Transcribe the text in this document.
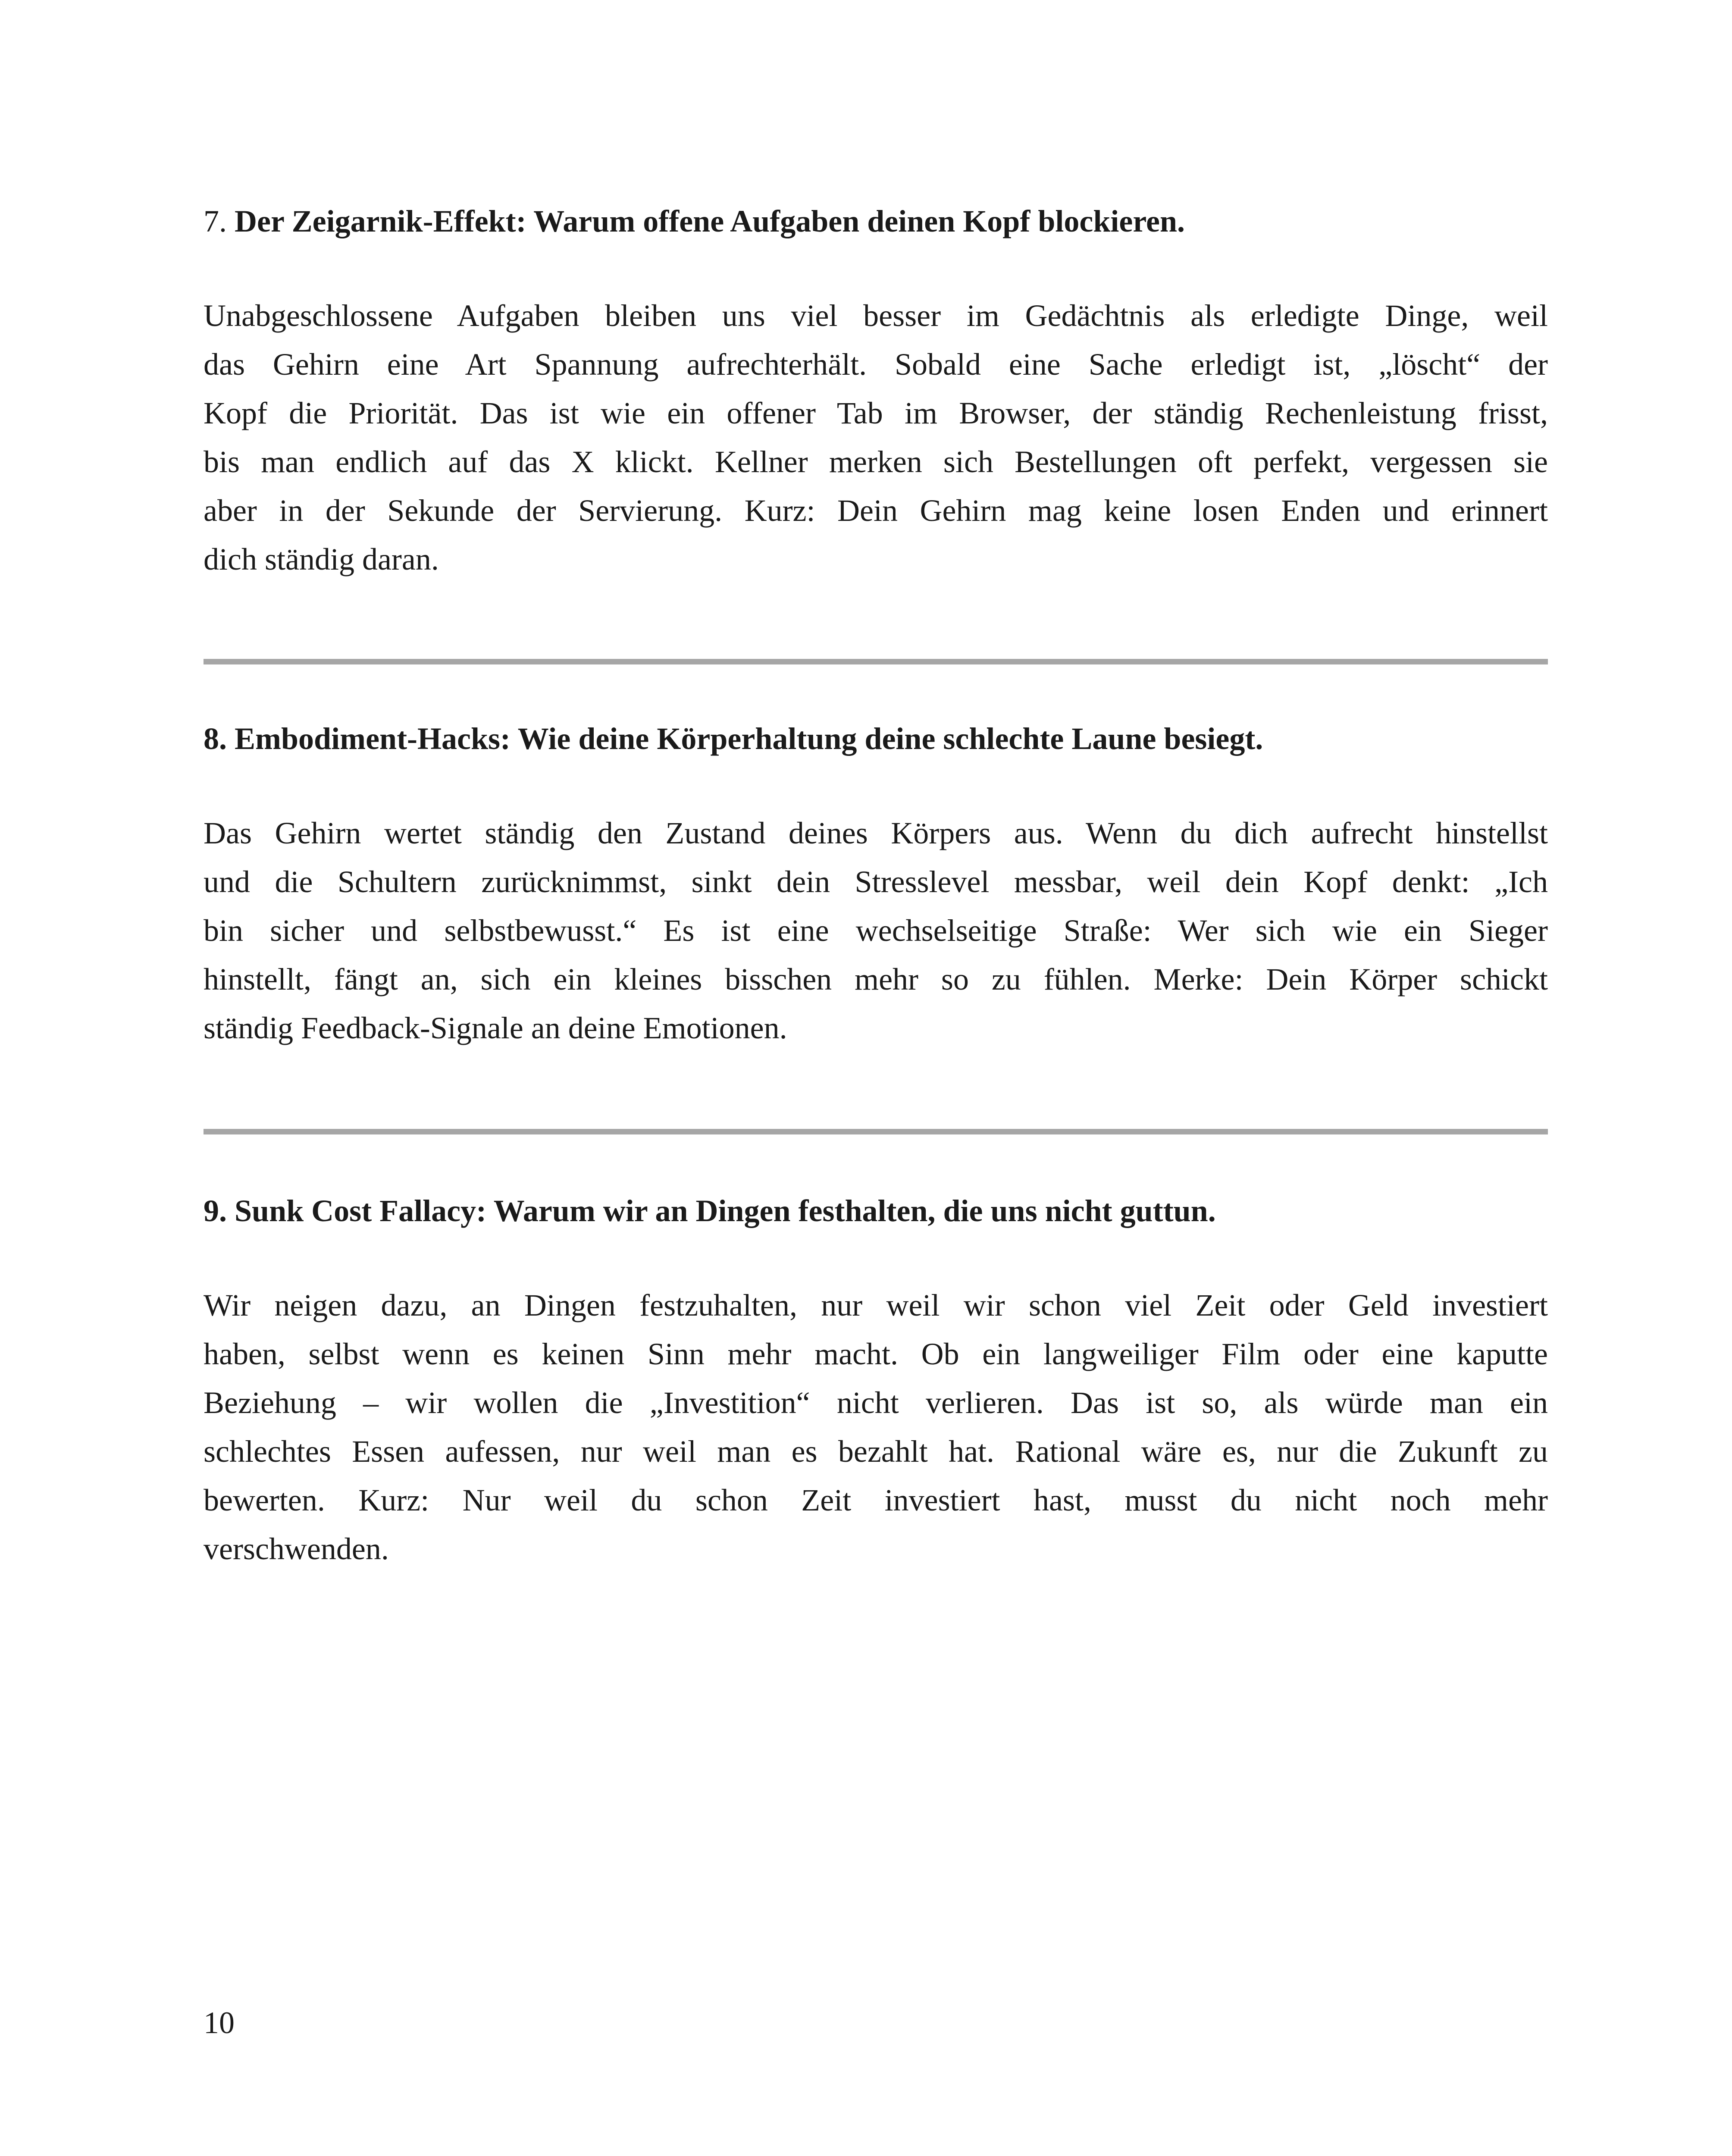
7. Der Zeigarnik-Effekt: Warum offene Aufgaben deinen Kopf blockieren.

Unabgeschlossene Aufgaben bleiben uns viel besser im Gedächtnis als erledigte Dinge, weil
das Gehirn eine Art Spannung aufrechterhält. Sobald eine Sache erledigt ist, „löscht“ der
Kopf die Priorität. Das ist wie ein offener Tab im Browser, der ständig Rechenleistung frisst,
bis man endlich auf das X klickt. Kellner merken sich Bestellungen oft perfekt, vergessen sie
aber in der Sekunde der Servierung. Kurz: Dein Gehirn mag keine losen Enden und erinnert
dich ständig daran.

8. Embodiment-Hacks: Wie deine Körperhaltung deine schlechte Laune besiegt.

Das Gehirn wertet ständig den Zustand deines Körpers aus. Wenn du dich aufrecht hinstellst
und die Schultern zurücknimmst, sinkt dein Stresslevel messbar, weil dein Kopf denkt: „Ich
bin sicher und selbstbewusst.“ Es ist eine wechselseitige Straße: Wer sich wie ein Sieger
hinstellt, fängt an, sich ein kleines bisschen mehr so zu fühlen. Merke: Dein Körper schickt
ständig Feedback-Signale an deine Emotionen.

9. Sunk Cost Fallacy: Warum wir an Dingen festhalten, die uns nicht guttun.

Wir neigen dazu, an Dingen festzuhalten, nur weil wir schon viel Zeit oder Geld investiert
haben, selbst wenn es keinen Sinn mehr macht. Ob ein langweiliger Film oder eine kaputte
Beziehung – wir wollen die „Investition“ nicht verlieren. Das ist so, als würde man ein
schlechtes Essen aufessen, nur weil man es bezahlt hat. Rational wäre es, nur die Zukunft zu
bewerten. Kurz: Nur weil du schon Zeit investiert hast, musst du nicht noch mehr
verschwenden.

10
